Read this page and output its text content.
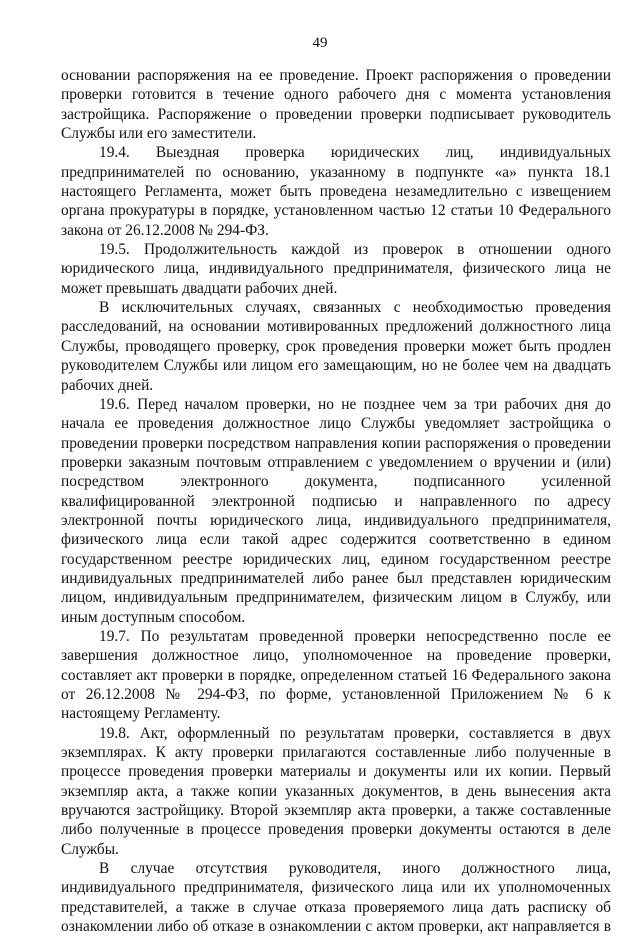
49

основании распоряжения на ее проведение. Проект распоряжения о проведении проверки готовится в течение одного рабочего дня с момента установления застройщика. Распоряжение о проведении проверки подписывает руководитель Службы или его заместители.

19.4. Выездная проверка юридических лиц, индивидуальных предпринимателей по основанию, указанному в подпункте «а» пункта 18.1 настоящего Регламента, может быть проведена незамедлительно с извещением органа прокуратуры в порядке, установленном частью 12 статьи 10 Федерального закона от 26.12.2008 № 294-ФЗ.

19.5. Продолжительность каждой из проверок в отношении одного юридического лица, индивидуального предпринимателя, физического лица не может превышать двадцати рабочих дней.

В исключительных случаях, связанных с необходимостью проведения расследований, на основании мотивированных предложений должностного лица Службы, проводящего проверку, срок проведения проверки может быть продлен руководителем Службы или лицом его замещающим, но не более чем на двадцать рабочих дней.

19.6. Перед началом проверки, но не позднее чем за три рабочих дня до начала ее проведения должностное лицо Службы уведомляет застройщика о проведении проверки посредством направления копии распоряжения о проведении проверки заказным почтовым отправлением с уведомлением о вручении и (или) посредством электронного документа, подписанного усиленной квалифицированной электронной подписью и направленного по адресу электронной почты юридического лица, индивидуального предпринимателя, физического лица если такой адрес содержится соответственно в едином государственном реестре юридических лиц, едином государственном реестре индивидуальных предпринимателей либо ранее был представлен юридическим лицом, индивидуальным предпринимателем, физическим лицом в Службу, или иным доступным способом.

19.7. По результатам проведенной проверки непосредственно после ее завершения должностное лицо, уполномоченное на проведение проверки, составляет акт проверки в порядке, определенном статьей 16 Федерального закона от 26.12.2008 № 294-ФЗ, по форме, установленной Приложением № 6 к настоящему Регламенту.

19.8. Акт, оформленный по результатам проверки, составляется в двух экземплярах. К акту проверки прилагаются составленные либо полученные в процессе проведения проверки материалы и документы или их копии. Первый экземпляр акта, а также копии указанных документов, в день вынесения акта вручаются застройщику. Второй экземпляр акта проверки, а также составленные либо полученные в процессе проведения проверки документы остаются в деле Службы.

В случае отсутствия руководителя, иного должностного лица, индивидуального предпринимателя, физического лица или их уполномоченных представителей, а также в случае отказа проверяемого лица дать расписку об ознакомлении либо об отказе в ознакомлении с актом проверки, акт направляется в
